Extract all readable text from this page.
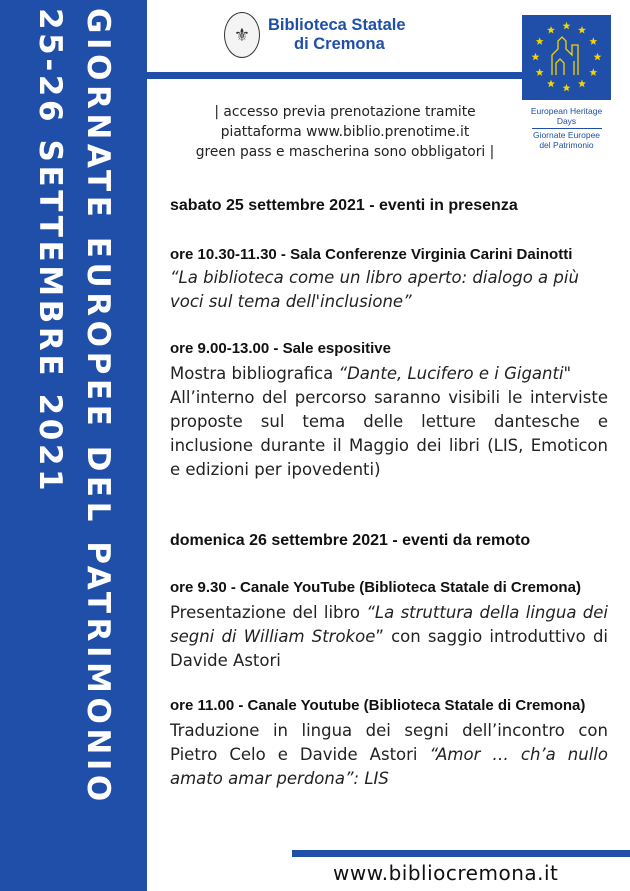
GIORNATE EUROPEE DEL PATRIMONIO
25-26 SETTEMBRE 2021	⚜	Biblioteca Statale
di Cremona
European Heritage Days
Giornate Europee
del Patrimonio
| accesso previa prenotazione tramite
piattaforma www.biblio.prenotime.it
green pass e mascherina sono obbligatori |
sabato 25 settembre 2021 - eventi in presenza
ore 10.30-11.30 - Sala Conferenze Virginia Carini Dainotti
“La biblioteca come un libro aperto: dialogo a più voci sul tema dell'inclusione”
ore 9.00-13.00 - Sale espositive
Mostra bibliografica “Dante, Lucifero e i Giganti"
All’interno del percorso saranno visibili le interviste proposte sul tema delle letture dantesche e inclusione durante il Maggio dei libri (LIS, Emoticon e edizioni per ipovedenti)
domenica 26 settembre 2021 - eventi da remoto
ore 9.30 - Canale YouTube (Biblioteca Statale di Cremona)
Presentazione del libro “La struttura della lingua dei segni di William Strokoe” con saggio introduttivo di Davide Astori
ore 11.00 - Canale Youtube (Biblioteca Statale di Cremona)
Traduzione in lingua dei segni dell’incontro con Pietro Celo e Davide Astori “Amor … ch’a nullo amato amar perdona”: LIS
www.bibliocremona.it
